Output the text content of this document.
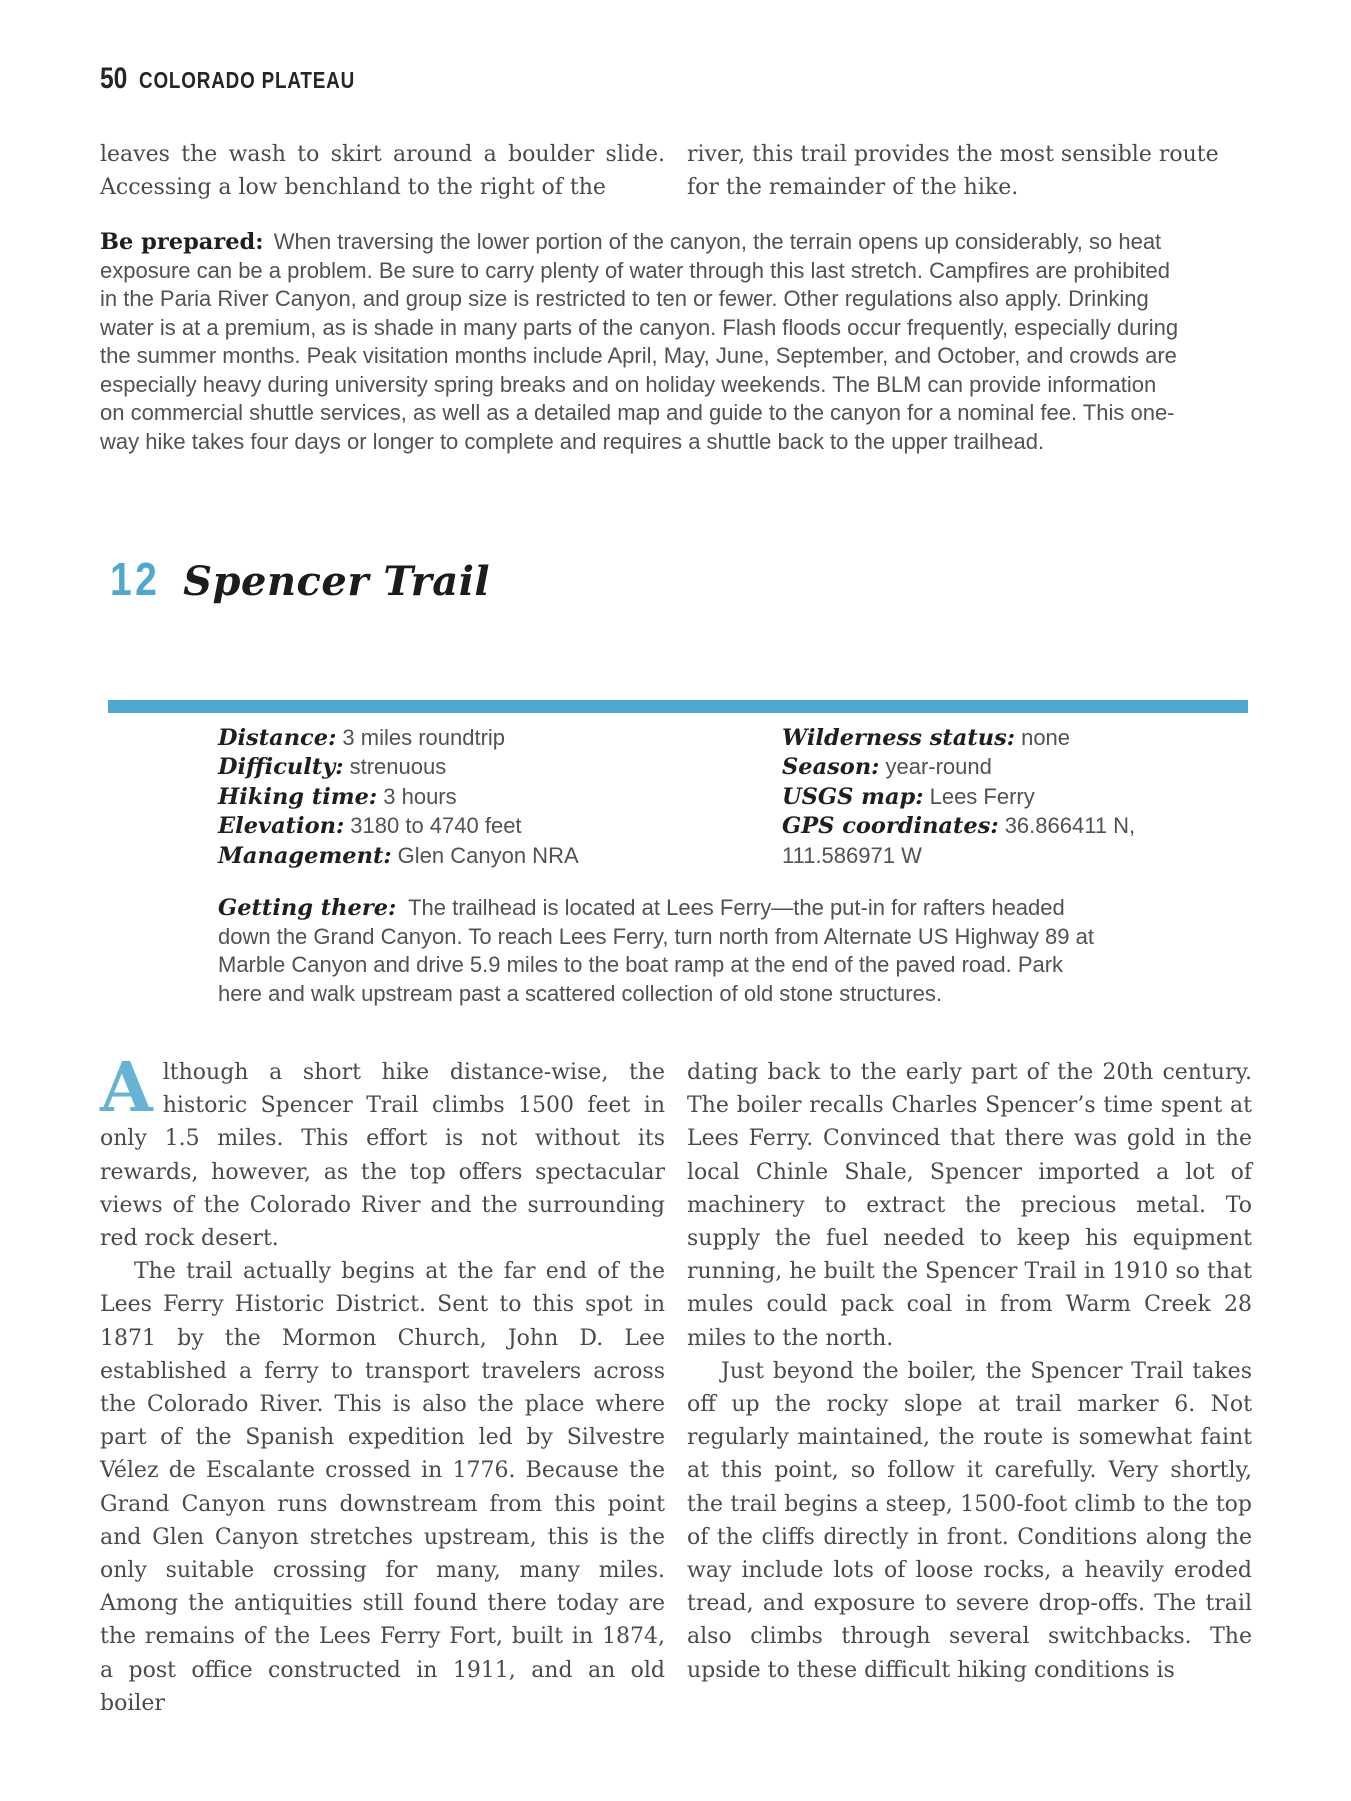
50 COLORADO PLATEAU

leaves the wash to skirt around a boulder slide. Accessing a low benchland to the right of the

river, this trail provides the most sensible route for the remainder of the hike.

Be prepared: When traversing the lower portion of the canyon, the terrain opens up considerably, so heat exposure can be a problem. Be sure to carry plenty of water through this last stretch. Campfires are prohibited in the Paria River Canyon, and group size is restricted to ten or fewer. Other regulations also apply. Drinking water is at a premium, as is shade in many parts of the canyon. Flash floods occur frequently, especially during the summer months. Peak visitation months include April, May, June, September, and October, and crowds are especially heavy during university spring breaks and on holiday weekends. The BLM can provide information on commercial shuttle services, as well as a detailed map and guide to the canyon for a nominal fee. This one-way hike takes four days or longer to complete and requires a shuttle back to the upper trailhead.

12 Spencer Trail
Distance: 3 miles roundtrip
Difficulty: strenuous
Hiking time: 3 hours
Elevation: 3180 to 4740 feet
Management: Glen Canyon NRA
Wilderness status: none
Season: year-round
USGS map: Lees Ferry
GPS coordinates: 36.866411 N, 111.586971 W

Getting there: The trailhead is located at Lees Ferry—the put-in for rafters headed down the Grand Canyon. To reach Lees Ferry, turn north from Alternate US Highway 89 at Marble Canyon and drive 5.9 miles to the boat ramp at the end of the paved road. Park here and walk upstream past a scattered collection of old stone structures.

Although a short hike distance-wise, the historic Spencer Trail climbs 1500 feet in only 1.5 miles. This effort is not without its rewards, however, as the top offers spectacular views of the Colorado River and the surrounding red rock desert.

The trail actually begins at the far end of the Lees Ferry Historic District. Sent to this spot in 1871 by the Mormon Church, John D. Lee established a ferry to transport travelers across the Colorado River. This is also the place where part of the Spanish expedition led by Silvestre Vélez de Escalante crossed in 1776. Because the Grand Canyon runs downstream from this point and Glen Canyon stretches upstream, this is the only suitable crossing for many, many miles. Among the antiquities still found there today are the remains of the Lees Ferry Fort, built in 1874, a post office constructed in 1911, and an old boiler

dating back to the early part of the 20th century. The boiler recalls Charles Spencer’s time spent at Lees Ferry. Convinced that there was gold in the local Chinle Shale, Spencer imported a lot of machinery to extract the precious metal. To supply the fuel needed to keep his equipment running, he built the Spencer Trail in 1910 so that mules could pack coal in from Warm Creek 28 miles to the north.

Just beyond the boiler, the Spencer Trail takes off up the rocky slope at trail marker 6. Not regularly maintained, the route is somewhat faint at this point, so follow it carefully. Very shortly, the trail begins a steep, 1500-foot climb to the top of the cliffs directly in front. Conditions along the way include lots of loose rocks, a heavily eroded tread, and exposure to severe drop-offs. The trail also climbs through several switchbacks. The upside to these difficult hiking conditions is
